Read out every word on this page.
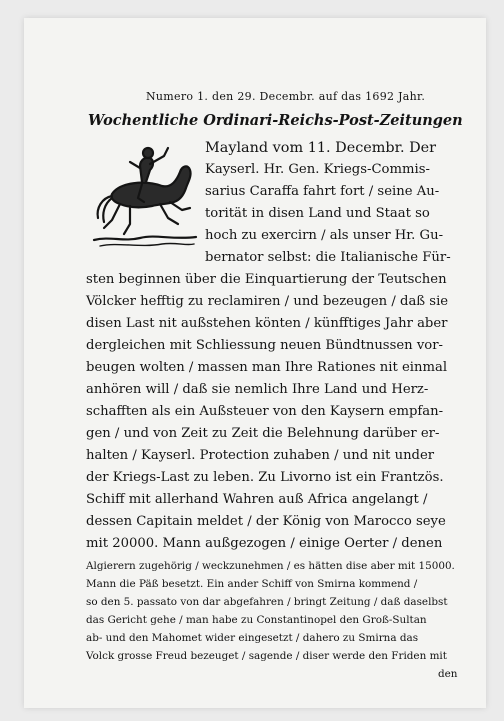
Numero 1. den 29. Decembr. auf das 1692 Jahr.
Wochentliche Ordinari-Reichs-Post-Zeitungen
Mayland vom 11. Decembr. Der
Kayserl. Hr. Gen. Kriegs-Commis-
sarius Caraffa fahrt fort / seine Au-
torität in disen Land und Staat so
hoch zu exercirn / als unser Hr. Gu-
bernator selbst: die Italianische Für-
sten beginnen über die Einquartierung der Teutschen
Völcker hefftig zu reclamiren / und bezeugen / daß sie
disen Last nit außstehen könten / künfftiges Jahr aber
dergleichen mit Schliessung neuen Bündtnussen vor-
beugen wolten / massen man Ihre Rationes nit einmal
anhören will / daß sie nemlich Ihre Land und Herz-
schafften als ein Außsteuer von den Kaysern empfan-
gen / und von Zeit zu Zeit die Belehnung darüber er-
halten / Kayserl. Protection zuhaben / und nit under
der Kriegs-Last zu leben. Zu Livorno ist ein Frantzös.
Schiff mit allerhand Wahren auß Africa angelangt /
dessen Capitain meldet / der König von Marocco seye
mit 20000. Mann außgezogen / einige Oerter / denen
Algierern zugehörig / weckzunehmen / es hätten dise aber mit 15000.
Mann die Päß besetzt. Ein ander Schiff von Smirna kommend /
so den 5. passato von dar abgefahren / bringt Zeitung / daß daselbst
das Gericht gehe / man habe zu Constantinopel den Groß-Sultan
ab- und den Mahomet wider eingesetzt / dahero zu Smirna das
Volck grosse Freud bezeuget / sagende / diser werde den Friden mit
den
